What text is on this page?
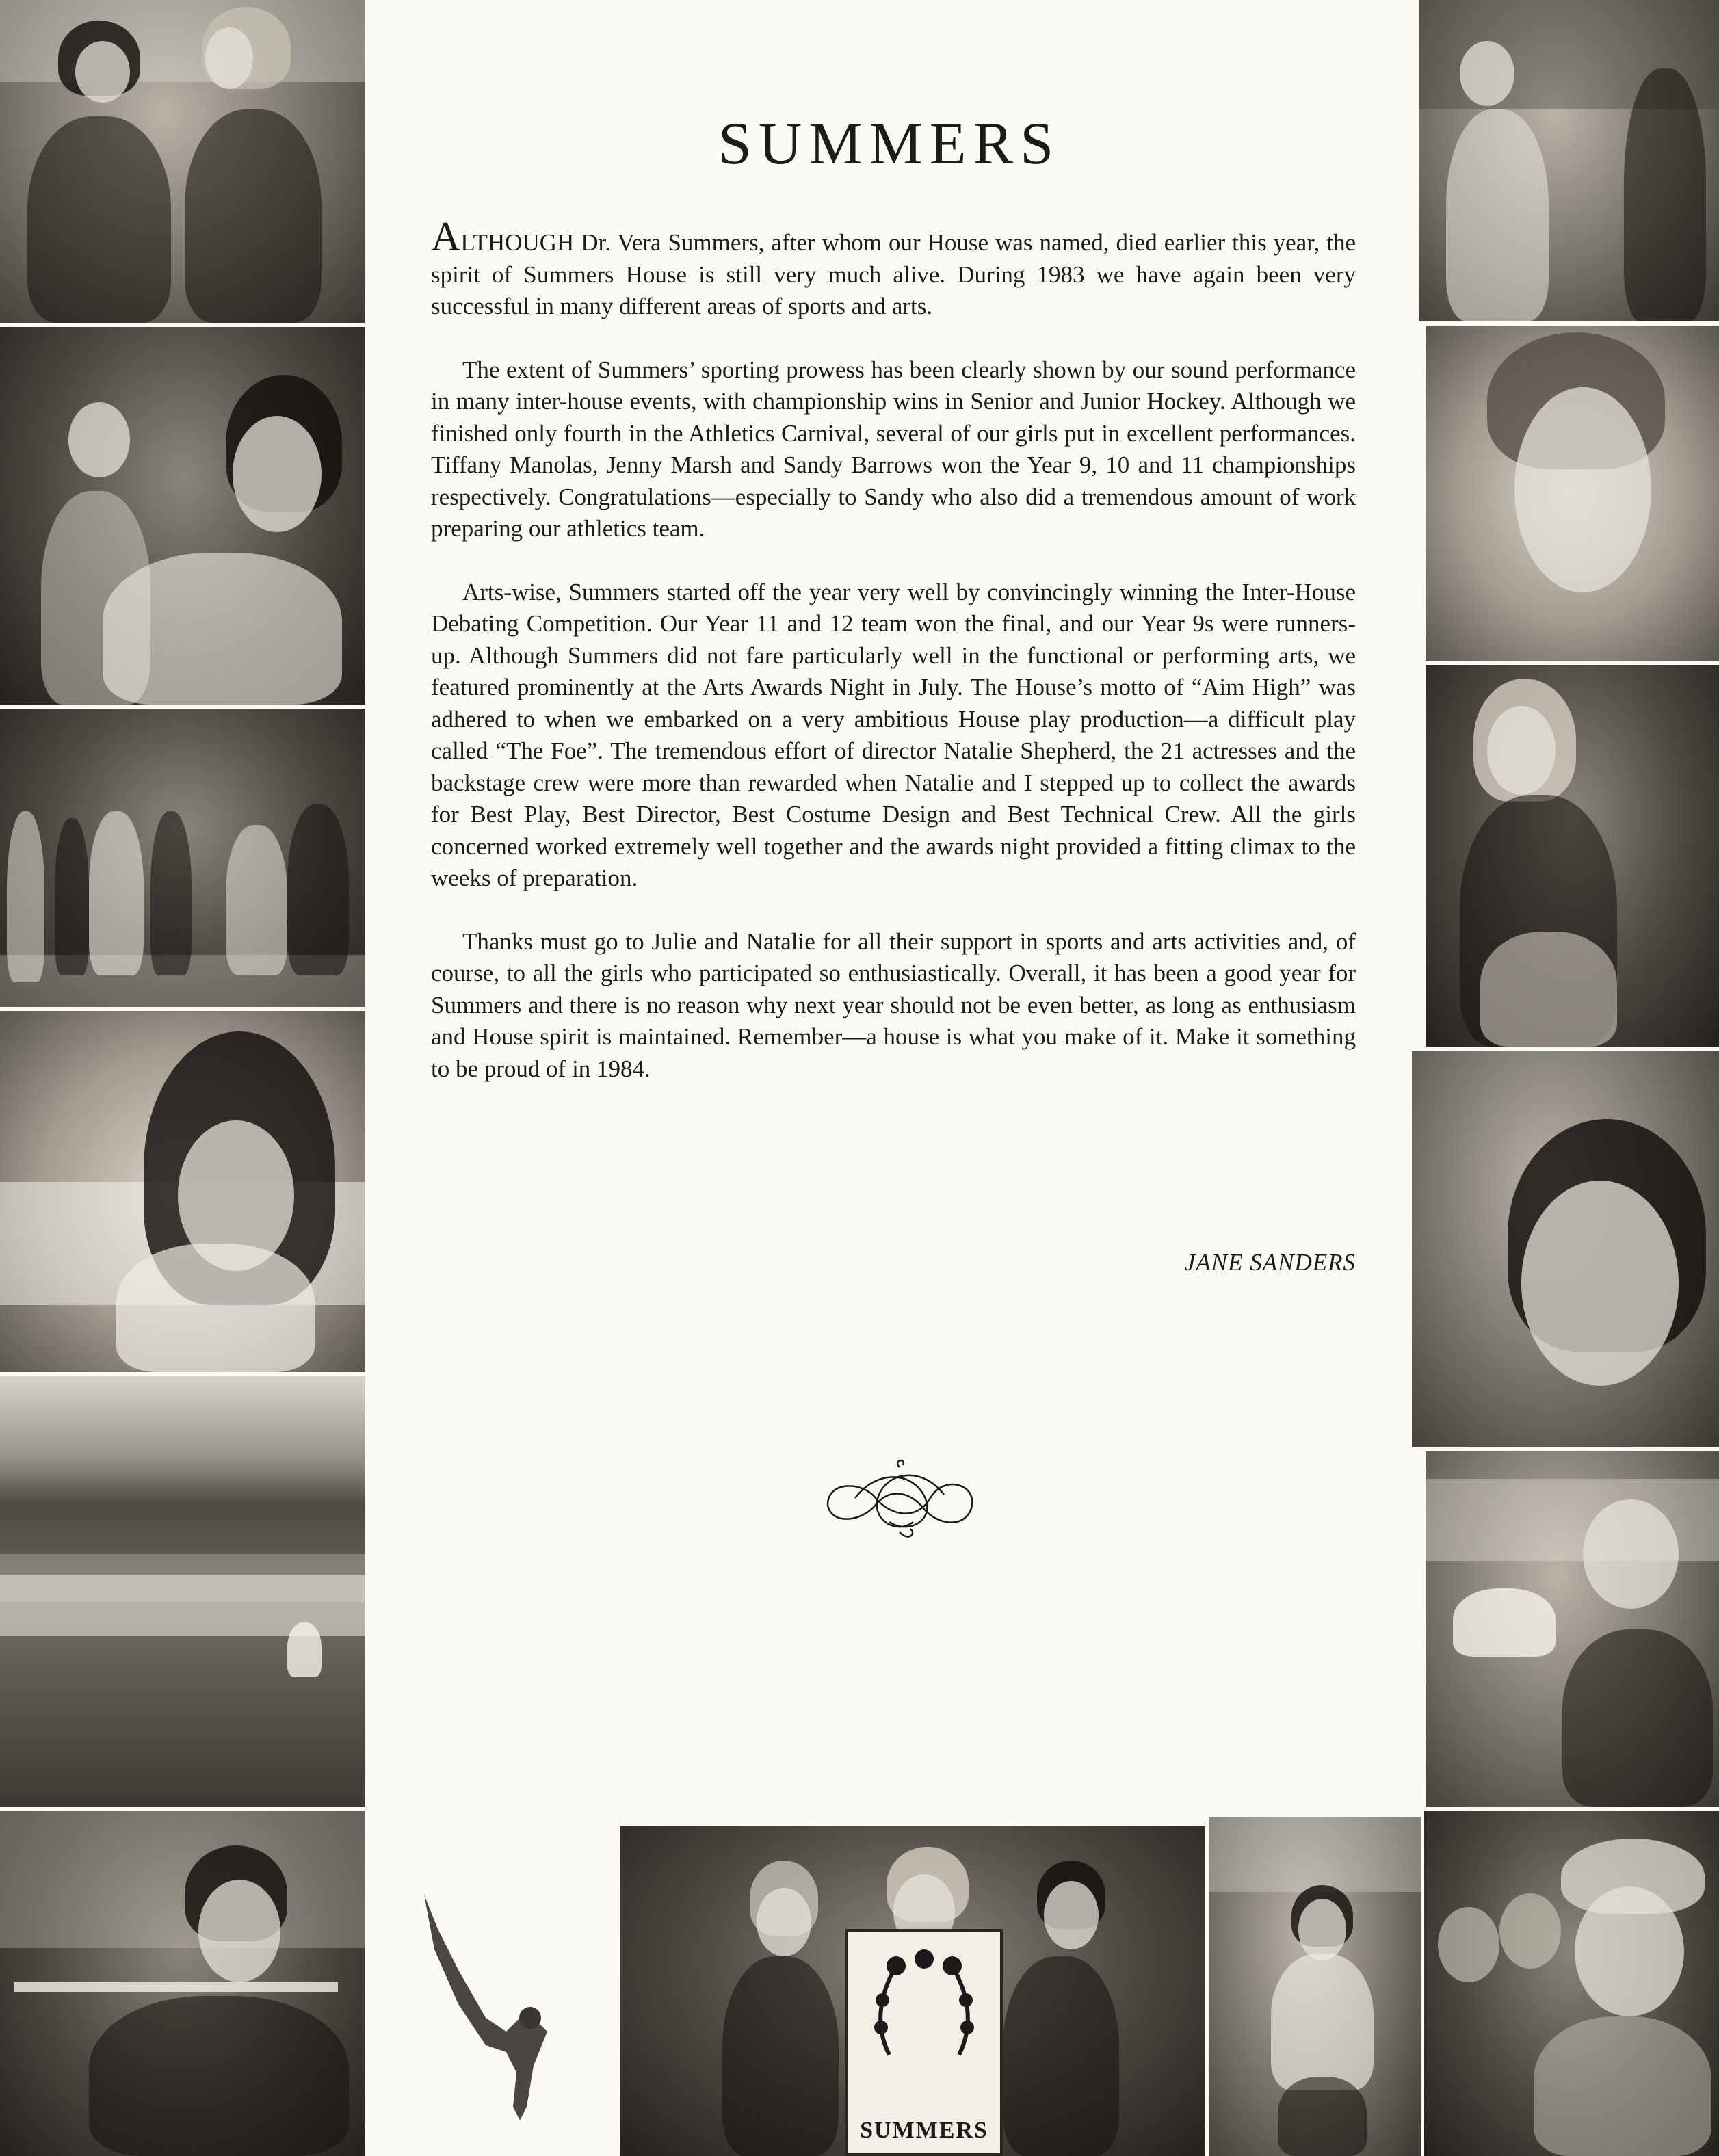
SUMMERS
SUMMERS

ALTHOUGH Dr. Vera Summers, after whom our House was named, died earlier this year, the spirit of Summers House is still very much alive. During 1983 we have again been very successful in many different areas of sports and arts.

The extent of Summers’ sporting prowess has been clearly shown by our sound performance in many inter-house events, with championship wins in Senior and Junior Hockey. Although we finished only fourth in the Athletics Carnival, several of our girls put in excellent performances. Tiffany Manolas, Jenny Marsh and Sandy Barrows won the Year 9, 10 and 11 championships respectively. Congratulations—especially to Sandy who also did a tremendous amount of work preparing our athletics team.

Arts-wise, Summers started off the year very well by convincingly winning the Inter-House Debating Competition. Our Year 11 and 12 team won the final, and our Year 9s were runners-up. Although Summers did not fare particularly well in the functional or performing arts, we featured prominently at the Arts Awards Night in July. The House’s motto of “Aim High” was adhered to when we embarked on a very ambitious House play production—a difficult play called “The Foe”. The tremendous effort of director Natalie Shepherd, the 21 actresses and the backstage crew were more than rewarded when Natalie and I stepped up to collect the awards for Best Play, Best Director, Best Costume Design and Best Technical Crew. All the girls concerned worked extremely well together and the awards night provided a fitting climax to the weeks of preparation.

Thanks must go to Julie and Natalie for all their support in sports and arts activities and, of course, to all the girls who participated so enthusiastically. Overall, it has been a good year for Summers and there is no reason why next year should not be even better, as long as enthusiasm and House spirit is maintained. Remember—a house is what you make of it. Make it something to be proud of in 1984.

JANE SANDERS
